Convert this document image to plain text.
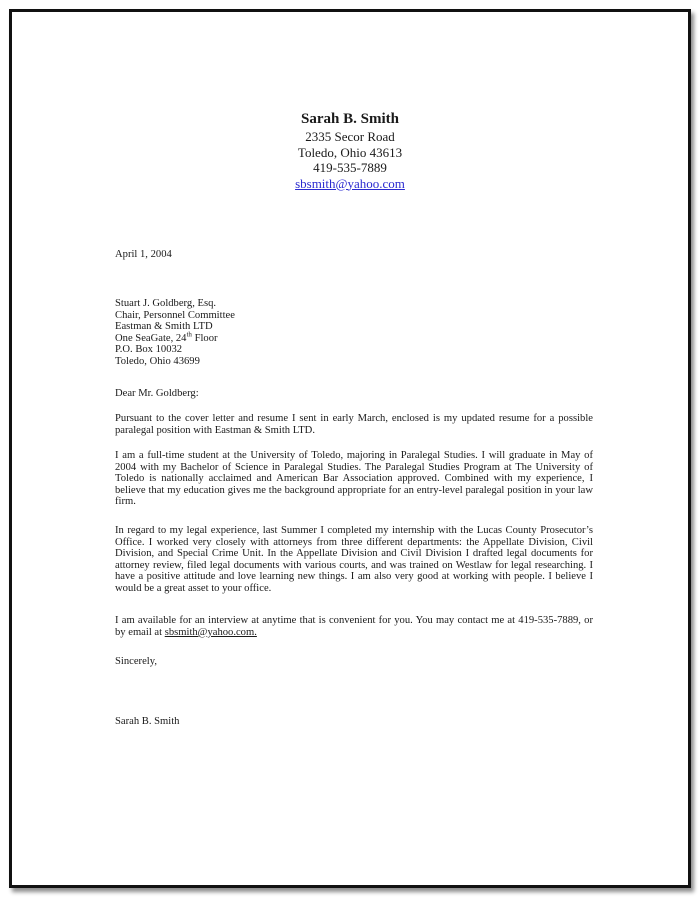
Sarah B. Smith
2335 Secor Road
Toledo, Ohio 43613
419-535-7889
sbsmith@yahoo.com
April 1, 2004
Stuart J. Goldberg, Esq.
Chair, Personnel Committee
Eastman & Smith LTD
One SeaGate, 24th Floor
P.O. Box 10032
Toledo, Ohio 43699
Dear Mr. Goldberg:
Pursuant to the cover letter and resume I sent in early March, enclosed is my updated resume for a possible paralegal position with Eastman & Smith LTD.
I am a full-time student at the University of Toledo, majoring in Paralegal Studies. I will graduate in May of 2004 with my Bachelor of Science in Paralegal Studies. The Paralegal Studies Program at The University of Toledo is nationally acclaimed and American Bar Association approved. Combined with my experience, I believe that my education gives me the background appropriate for an entry-level paralegal position in your law firm.
In regard to my legal experience, last Summer I completed my internship with the Lucas County Prosecutor’s Office. I worked very closely with attorneys from three different departments: the Appellate Division, Civil Division, and Special Crime Unit. In the Appellate Division and Civil Division I drafted legal documents for attorney review, filed legal documents with various courts, and was trained on Westlaw for legal researching. I have a positive attitude and love learning new things. I am also very good at working with people. I believe I would be a great asset to your office.
I am available for an interview at anytime that is convenient for you. You may contact me at 419-535-7889, or by email at sbsmith@yahoo.com.
Sincerely,
Sarah B. Smith
